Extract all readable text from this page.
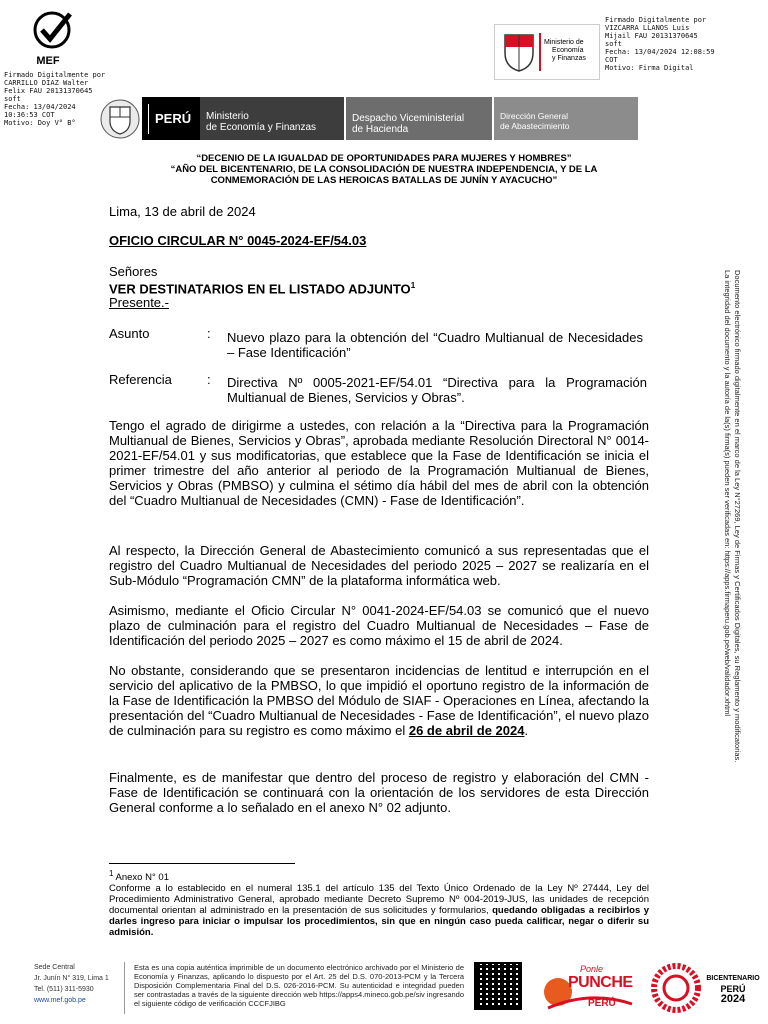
MEF
Firmado Digitalmente por
CARRILLO DIAZ Walter
Felix FAU 20131370645
soft
Fecha: 13/04/2024
10:36:53 COT
Motivo: Doy V° B°
Ministerio de
Economía
y Finanzas
Firmado Digitalmente por
VIZCARRA LLANOS Luis
Mijail FAU 20131370645
soft
Fecha: 13/04/2024 12:08:59
COT
Motivo: Firma Digital
PERÚ Ministerio
de Economía y Finanzas
Despacho Viceministerial
de Hacienda
Dirección General
de Abastecimiento
“DECENIO DE LA IGUALDAD DE OPORTUNIDADES PARA MUJERES Y HOMBRES”
“AÑO DEL BICENTENARIO, DE LA CONSOLIDACIÓN DE NUESTRA INDEPENDENCIA, Y DE LA
CONMEMORACIÓN DE LAS HEROICAS BATALLAS DE JUNÍN Y AYACUCHO”
Lima, 13 de abril de 2024
OFICIO CIRCULAR N° 0045-2024-EF/54.03
Señores
VER DESTINATARIOS EN EL LISTADO ADJUNTO$^1$
Presente.-
Asunto	: Nuevo plazo para la obtención del “Cuadro Multianual de Necesidades – Fase Identificación”
Referencia	: Directiva Nº 0005-2021-EF/54.01 “Directiva para la Programación Multianual de Bienes, Servicios y Obras”.
Tengo el agrado de dirigirme a ustedes, con relación a la “Directiva para la Programación Multianual de Bienes, Servicios y Obras”, aprobada mediante Resolución Directoral N° 0014-2021-EF/54.01 y sus modificatorias, que establece que la Fase de Identificación se inicia el primer trimestre del año anterior al periodo de la Programación Multianual de Bienes, Servicios y Obras (PMBSO) y culmina el sétimo día hábil del mes de abril con la obtención del “Cuadro Multianual de Necesidades (CMN) - Fase de Identificación”.
Al respecto, la Dirección General de Abastecimiento comunicó a sus representadas que el registro del Cuadro Multianual de Necesidades del periodo 2025 – 2027 se realizaría en el Sub-Módulo “Programación CMN” de la plataforma informática web.
Asimismo, mediante el Oficio Circular N° 0041-2024-EF/54.03 se comunicó que el nuevo plazo de culminación para el registro del Cuadro Multianual de Necesidades – Fase de Identificación del periodo 2025 – 2027 es como máximo el 15 de abril de 2024.
No obstante, considerando que se presentaron incidencias de lentitud e interrupción en el servicio del aplicativo de la PMBSO, lo que impidió el oportuno registro de la información de la Fase de Identificación la PMBSO del Módulo de SIAF - Operaciones en Línea, afectando la presentación del “Cuadro Multianual de Necesidades - Fase de Identificación”, el nuevo plazo de culminación para su registro es como máximo el 26 de abril de 2024.
Finalmente, es de manifestar que dentro del proceso de registro y elaboración del CMN - Fase de Identificación se continuará con la orientación de los servidores de esta Dirección General conforme a lo señalado en el anexo N° 02 adjunto.
Documento electrónico firmado digitalmente en el marco de la Ley N°27269, Ley de Firmas y Certificados Digitales, su Reglamento y modificatorias.
La integridad del documento y la autoría de la(s) firma(s) pueden ser verificadas en: https://apps.firmaperu.gob.pe/web/validador.xhtml
$^1$ Anexo N° 01
Conforme a lo establecido en el numeral 135.1 del artículo 135 del Texto Único Ordenado de la Ley Nº 27444, Ley del Procedimiento Administrativo General, aprobado mediante Decreto Supremo Nº 004-2019-JUS, las unidades de recepción documental orientan al administrado en la presentación de sus solicitudes y formularios, quedando obligadas a recibirlos y darles ingreso para iniciar o impulsar los procedimientos, sin que en ningún caso pueda calificar, negar o diferir su admisión.
Sede Central
Jr. Junín N° 319, Lima 1
Tel. (511) 311-5930
www.mef.gob.pe
Esta es una copia auténtica imprimible de un documento electrónico archivado por el Ministerio de Economía y Finanzas, aplicando lo dispuesto por el Art. 25 del D.S. 070-2013-PCM y la Tercera Disposición Complementaria Final del D.S. 026-2016-PCM. Su autenticidad e integridad pueden ser contrastadas a través de la siguiente dirección web https://apps4.mineco.gob.pe/siv ingresando el siguiente código de verificación CCCFJIBG
Ponle
PUNCHE
PERÚ
BICENTENARIO
PERÚ
2024
